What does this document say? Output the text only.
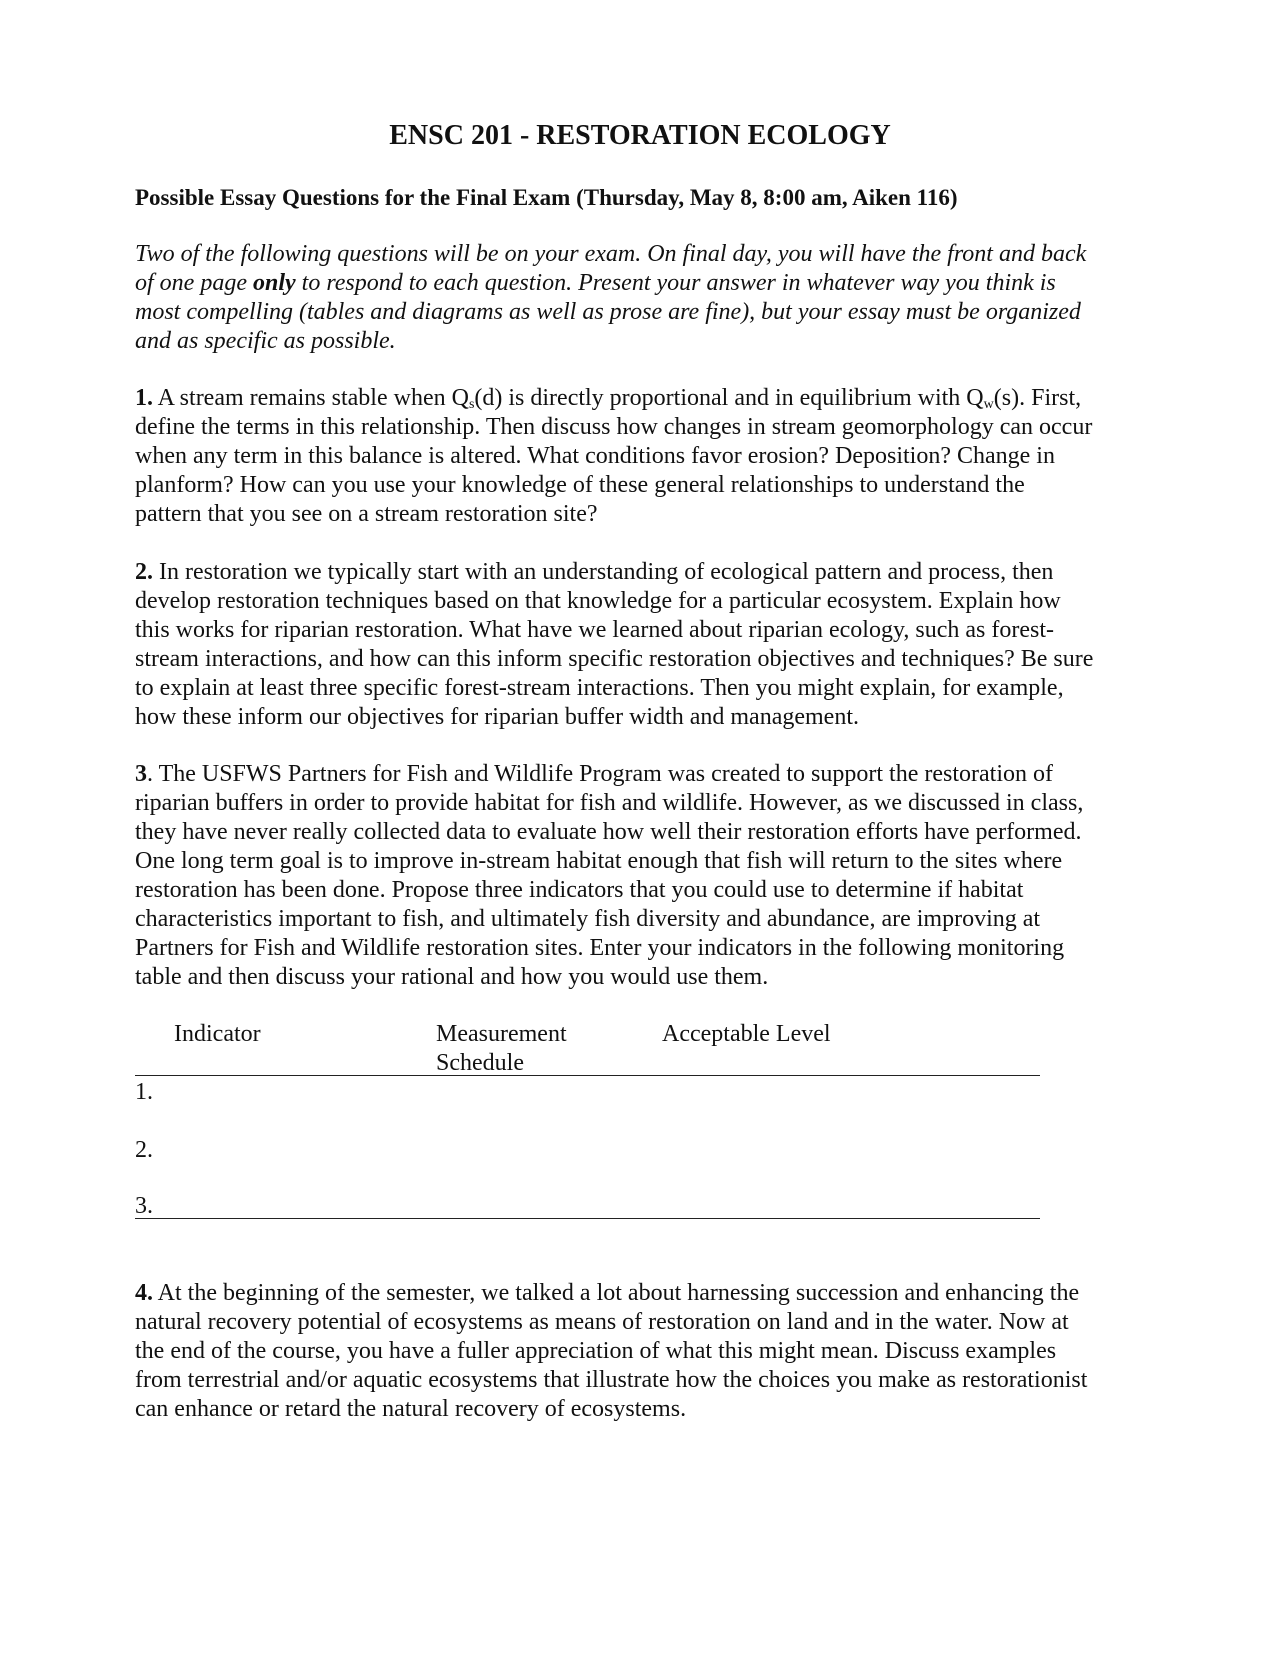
ENSC 201 - RESTORATION ECOLOGY
Possible Essay Questions for the Final Exam (Thursday, May 8, 8:00 am, Aiken 116)
Two of the following questions will be on your exam. On final day, you will have the front and back
of one page only to respond to each question. Present your answer in whatever way you think is
most compelling (tables and diagrams as well as prose are fine), but your essay must be organized
and as specific as possible.
1. A stream remains stable when $Q_s(d)$ is directly proportional and in equilibrium with $Q_w(s)$. First,
define the terms in this relationship. Then discuss how changes in stream geomorphology can occur
when any term in this balance is altered. What conditions favor erosion? Deposition? Change in
planform? How can you use your knowledge of these general relationships to understand the
pattern that you see on a stream restoration site?
2. In restoration we typically start with an understanding of ecological pattern and process, then
develop restoration techniques based on that knowledge for a particular ecosystem. Explain how
this works for riparian restoration. What have we learned about riparian ecology, such as forest-
stream interactions, and how can this inform specific restoration objectives and techniques? Be sure
to explain at least three specific forest-stream interactions. Then you might explain, for example,
how these inform our objectives for riparian buffer width and management.
3. The USFWS Partners for Fish and Wildlife Program was created to support the restoration of
riparian buffers in order to provide habitat for fish and wildlife. However, as we discussed in class,
they have never really collected data to evaluate how well their restoration efforts have performed.
One long term goal is to improve in-stream habitat enough that fish will return to the sites where
restoration has been done. Propose three indicators that you could use to determine if habitat
characteristics important to fish, and ultimately fish diversity and abundance, are improving at
Partners for Fish and Wildlife restoration sites. Enter your indicators in the following monitoring
table and then discuss your rational and how you would use them.
Indicator	Measurement
Schedule
Acceptable Level
1.
2.
3.
4. At the beginning of the semester, we talked a lot about harnessing succession and enhancing the
natural recovery potential of ecosystems as means of restoration on land and in the water. Now at
the end of the course, you have a fuller appreciation of what this might mean. Discuss examples
from terrestrial and/or aquatic ecosystems that illustrate how the choices you make as restorationist
can enhance or retard the natural recovery of ecosystems.
